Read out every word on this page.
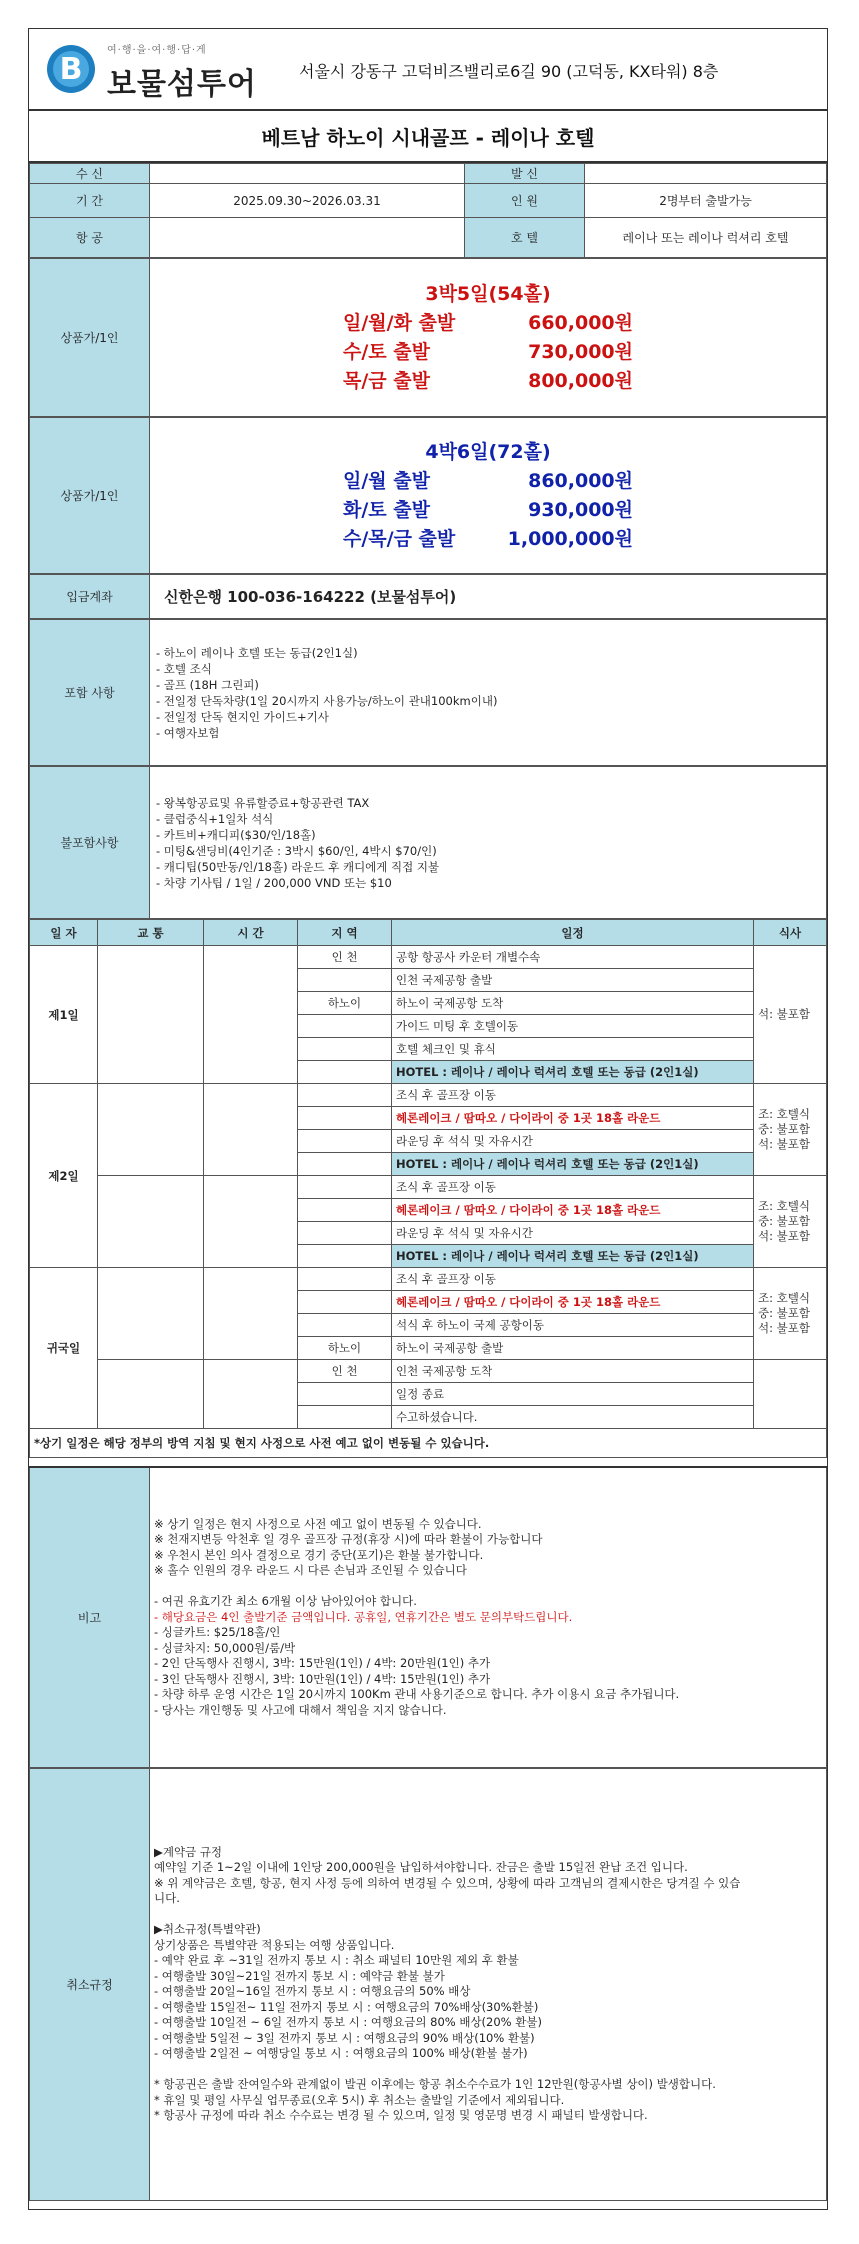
B
여·행·을·여·행·답·게
보물섬투어	서울시 강동구 고덕비즈밸리로6길 90 (고덕동, KX타워) 8층
베트남 하노이 시내골프 - 레이나 호텔
수 신		발 신	
기 간	2025.09.30~2026.03.31	인 원	2명부터 출발가능
항 공		호 텔	레이나 또는 레이나 럭셔리 호텔
상품가/1인	
3박5일(54홀)
일/월/화 출발	660,000원
수/토 출발	730,000원
목/금 출발	800,000원
상품가/1인	
4박6일(72홀)
일/월 출발	860,000원
화/토 출발	930,000원
수/목/금 출발	1,000,000원
입금계좌	신한은행 100-036-164222 (보물섬투어)
포함 사항	
- 하노이 레이나 호텔 또는 동급(2인1실)
- 호텔 조식
- 골프 (18H 그린피)
- 전일정 단독차량(1일 20시까지 사용가능/하노이 관내100km이내)
- 전일정 단독 현지인 가이드+기사
- 여행자보험
불포함사항	
- 왕복항공료및 유류할증료+항공관련 TAX
- 클럽중식+1일차 석식
- 카트비+캐디피($30/인/18홀)
- 미팅&샌딩비(4인기준 : 3박시 $60/인, 4박시 $70/인)
- 캐디팁(50만동/인/18홀) 라운드 후 캐디에게 직접 지불
- 차량 기사팁 / 1일 / 200,000 VND 또는 $10
일 자	교 통	시 간	지 역	일정	식사
제1일			인 천	공항 항공사 카운터 개별수속	석: 불포함

				인천 국제공항 출발	
			하노이	하노이 국제공항 도착	
				가이드 미팅 후 호텔이동	
				호텔 체크인 및 휴식	
				HOTEL : 레이나 / 레이나 럭셔리 호텔 또는 동급 (2인1실)	
제2일				조식 후 골프장 이동	조: 호텔식
중: 불포함
석: 불포함

				헤론레이크 / 땀따오 / 다이라이 중 1곳 18홀 라운드	
				라운딩 후 석식 및 자유시간	
				HOTEL : 레이나 / 레이나 럭셔리 호텔 또는 동급 (2인1실)	
				조식 후 골프장 이동	조: 호텔식
중: 불포함
석: 불포함

				헤론레이크 / 땀따오 / 다이라이 중 1곳 18홀 라운드	
				라운딩 후 석식 및 자유시간	
				HOTEL : 레이나 / 레이나 럭셔리 호텔 또는 동급 (2인1실)	
귀국일				조식 후 골프장 이동	조: 호텔식
중: 불포함
석: 불포함

				헤론레이크 / 땀따오 / 다이라이 중 1곳 18홀 라운드	
				석식 후 하노이 국제 공항이동	
			하노이	하노이 국제공항 출발	
			인 천	인천 국제공항 도착	
				일정 종료	
				수고하셨습니다.	
*상기 일정은 해당 정부의 방역 지침 및 현지 사정으로 사전 예고 없이 변동될 수 있습니다.					
비고	
※ 상기 일정은 현지 사정으로 사전 예고 없이 변동될 수 있습니다.
※ 천재지변등 악천후 일 경우 골프장 규정(휴장 시)에 따라 환불이 가능합니다
※ 우천시 본인 의사 결정으로 경기 중단(포기)은 환불 불가합니다.
※ 홀수 인원의 경우 라운드 시 다른 손님과 조인될 수 있습니다
- 여권 유효기간 최소 6개월 이상 남아있어야 합니다.
- 해당요금은 4인 출발기준 금액입니다. 공휴일, 연휴기간은 별도 문의부탁드립니다.
- 싱글카트: $25/18홀/인
- 싱글차지: 50,000원/룸/박
- 2인 단독행사 진행시, 3박: 15만원(1인) / 4박: 20만원(1인) 추가
- 3인 단독행사 진행시, 3박: 10만원(1인) / 4박: 15만원(1인) 추가
- 차량 하루 운영 시간은 1일 20시까지 100Km 관내 사용기준으로 합니다. 추가 이용시 요금 추가됩니다.
- 당사는 개인행동 및 사고에 대해서 책임을 지지 않습니다.
취소규정	
▶계약금 규정
예약일 기준 1~2일 이내에 1인당 200,000원을 납입하셔야합니다. 잔금은 출발 15일전 완납 조건 입니다.
※ 위 계약금은 호텔, 항공, 현지 사정 등에 의하여 변경될 수 있으며, 상황에 따라 고객님의 결제시한은 당겨질 수 있습
니다.
▶취소규정(특별약관)
상기상품은 특별약관 적용되는 여행 상품입니다.
- 예약 완료 후 ~31일 전까지 통보 시 : 취소 패널티 10만원 제외 후 환불
- 여행출발 30일~21일 전까지 통보 시 : 예약금 환불 불가
- 여행출발 20일~16일 전까지 통보 시 : 여행요금의 50% 배상
- 여행출발 15일전~ 11일 전까지 통보 시 : 여행요금의 70%배상(30%환불)
- 여행출발 10일전 ~ 6일 전까지 통보 시 : 여행요금의 80% 배상(20% 환불)
- 여행출발 5일전 ~ 3일 전까지 통보 시 : 여행요금의 90% 배상(10% 환불)
- 여행출발 2일전 ~ 여행당일 통보 시 : 여행요금의 100% 배상(환불 불가)
* 항공권은 출발 잔여일수와 관계없이 발권 이후에는 항공 취소수수료가 1인 12만원(항공사별 상이) 발생합니다.
* 휴일 및 평일 사무실 업무종료(오후 5시) 후 취소는 출발일 기준에서 제외됩니다.
* 항공사 규정에 따라 취소 수수료는 변경 될 수 있으며, 일정 및 영문명 변경 시 패널티 발생합니다.
